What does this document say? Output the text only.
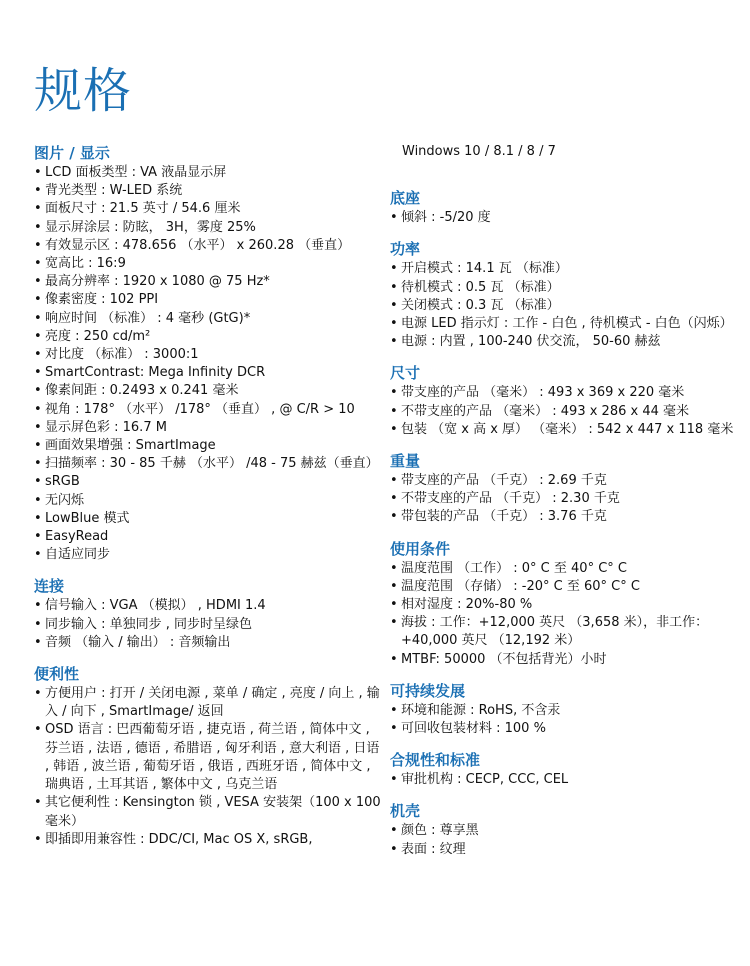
规格
图片 / 显示
• LCD 面板类型 : VA 液晶显示屏
• 背光类型 : W-LED 系统
• 面板尺寸 : 21.5 英寸 / 54.6 厘米
• 显示屏涂层 : 防眩， 3H，雾度 25%
• 有效显示区 : 478.656 （水平） x 260.28 （垂直）
• 宽高比 : 16:9
• 最高分辨率 : 1920 x 1080 @ 75 Hz*
• 像素密度 : 102 PPI
• 响应时间 （标准） : 4 毫秒 (GtG)*
• 亮度 : 250 cd/m²
• 对比度 （标准） : 3000:1
• SmartContrast: Mega Infinity DCR
• 像素间距 : 0.2493 x 0.241 毫米
• 视角 : 178° （水平） /178° （垂直） , @ C/R > 10
• 显示屏色彩 : 16.7 M
• 画面效果增强 : SmartImage
• 扫描频率 : 30 - 85 千赫 （水平） /48 - 75 赫兹（垂直）
• sRGB
• 无闪烁
• LowBlue 模式
• EasyRead
• 自适应同步
连接
• 信号输入 : VGA （模拟） , HDMI 1.4
• 同步输入 : 单独同步 , 同步时呈绿色
• 音频 （输入 / 输出） : 音频输出
便利性
• 方便用户 : 打开 / 关闭电源 , 菜单 / 确定 , 亮度 / 向上 , 输入 / 向下 , SmartImage/ 返回
• OSD 语言 : 巴西葡萄牙语 , 捷克语 , 荷兰语 , 简体中文 , 芬兰语 , 法语 , 德语 , 希腊语 , 匈牙利语 , 意大利语 , 日语 , 韩语 , 波兰语 , 葡萄牙语 , 俄语 , 西班牙语 , 简体中文 , 瑞典语 , 土耳其语 , 繁体中文 , 乌克兰语
• 其它便利性 : Kensington 锁 , VESA 安装架（100 x 100 毫米）
• 即插即用兼容性 : DDC/CI, Mac OS X, sRGB,
Windows 10 / 8.1 / 8 / 7
底座
• 倾斜 : -5/20 度
功率
• 开启模式 : 14.1 瓦 （标准）
• 待机模式 : 0.5 瓦 （标准）
• 关闭模式 : 0.3 瓦 （标准）
• 电源 LED 指示灯 : 工作 - 白色 , 待机模式 - 白色（闪烁）
• 电源 : 内置 , 100-240 伏交流， 50-60 赫兹
尺寸
• 带支座的产品 （毫米） : 493 x 369 x 220 毫米
• 不带支座的产品 （毫米） : 493 x 286 x 44 毫米
• 包装 （宽 x 高 x 厚） （毫米） : 542 x 447 x 118 毫米
重量
• 带支座的产品 （千克） : 2.69 千克
• 不带支座的产品 （千克） : 2.30 千克
• 带包装的产品 （千克） : 3.76 千克
使用条件
• 温度范围 （工作） : 0° C 至 40° C° C
• 温度范围 （存储） : -20° C 至 60° C° C
• 相对湿度 : 20%-80 %
• 海拔 : 工作：+12,000 英尺 （3,658 米），非工作：+40,000 英尺 （12,192 米）
• MTBF: 50000 （不包括背光）小时
可持续发展
• 环境和能源 : RoHS, 不含汞
• 可回收包装材料 : 100 %
合规性和标准
• 审批机构 : CECP, CCC, CEL
机壳
• 颜色 : 尊享黑
• 表面 : 纹理
